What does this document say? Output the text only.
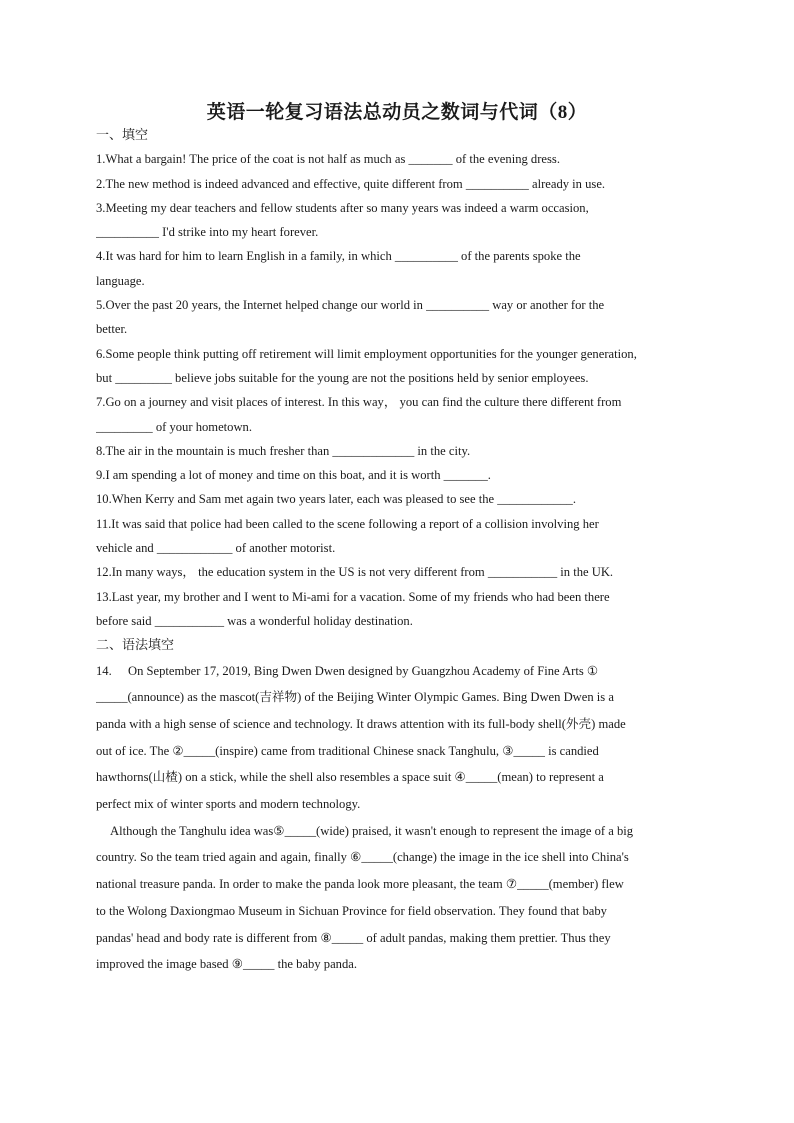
英语一轮复习语法总动员之数词与代词（8）
一、填空
1.What a bargain! The price of the coat is not half as much as _______ of the evening dress.
2.The new method is indeed advanced and effective, quite different from __________ already in use.
3.Meeting my dear teachers and fellow students after so many years was indeed a warm occasion,
__________ I'd strike into my heart forever.
4.It was hard for him to learn English in a family, in which __________ of the parents spoke the
language.
5.Over the past 20 years, the Internet helped change our world in __________ way or another for the
better.
6.Some people think putting off retirement will limit employment opportunities for the younger generation,
but _________ believe jobs suitable for the young are not the positions held by senior employees.
7.Go on a journey and visit places of interest. In this way， you can find the culture there different from
_________ of your hometown.
8.The air in the mountain is much fresher than _____________ in the city.
9.I am spending a lot of money and time on this boat, and it is worth _______.
10.When Kerry and Sam met again two years later, each was pleased to see the ____________.
11.It was said that police had been called to the scene following a report of a collision involving her
vehicle and ____________ of another motorist.
12.In many ways， the education system in the US is not very different from ___________ in the UK.
13.Last year, my brother and I went to Mi-ami for a vacation. Some of my friends who had been there
before said ___________ was a wonderful holiday destination.
二、语法填空
14. On September 17, 2019, Bing Dwen Dwen designed by Guangzhou Academy of Fine Arts ①
_____(announce) as the mascot(吉祥物) of the Beijing Winter Olympic Games. Bing Dwen Dwen is a
panda with a high sense of science and technology. It draws attention with its full-body shell(外壳) made
out of ice. The ②_____(inspire) came from traditional Chinese snack Tanghulu, ③_____ is candied
hawthorns(山楂) on a stick, while the shell also resembles a space suit ④_____(mean) to represent a
perfect mix of winter sports and modern technology.
Although the Tanghulu idea was⑤_____(wide) praised, it wasn't enough to represent the image of a big
country. So the team tried again and again, finally ⑥_____(change) the image in the ice shell into China's
national treasure panda. In order to make the panda look more pleasant, the team ⑦_____(member) flew
to the Wolong Daxiongmao Museum in Sichuan Province for field observation. They found that baby
pandas' head and body rate is different from ⑧_____ of adult pandas, making them prettier. Thus they
improved the image based ⑨_____ the baby panda.
